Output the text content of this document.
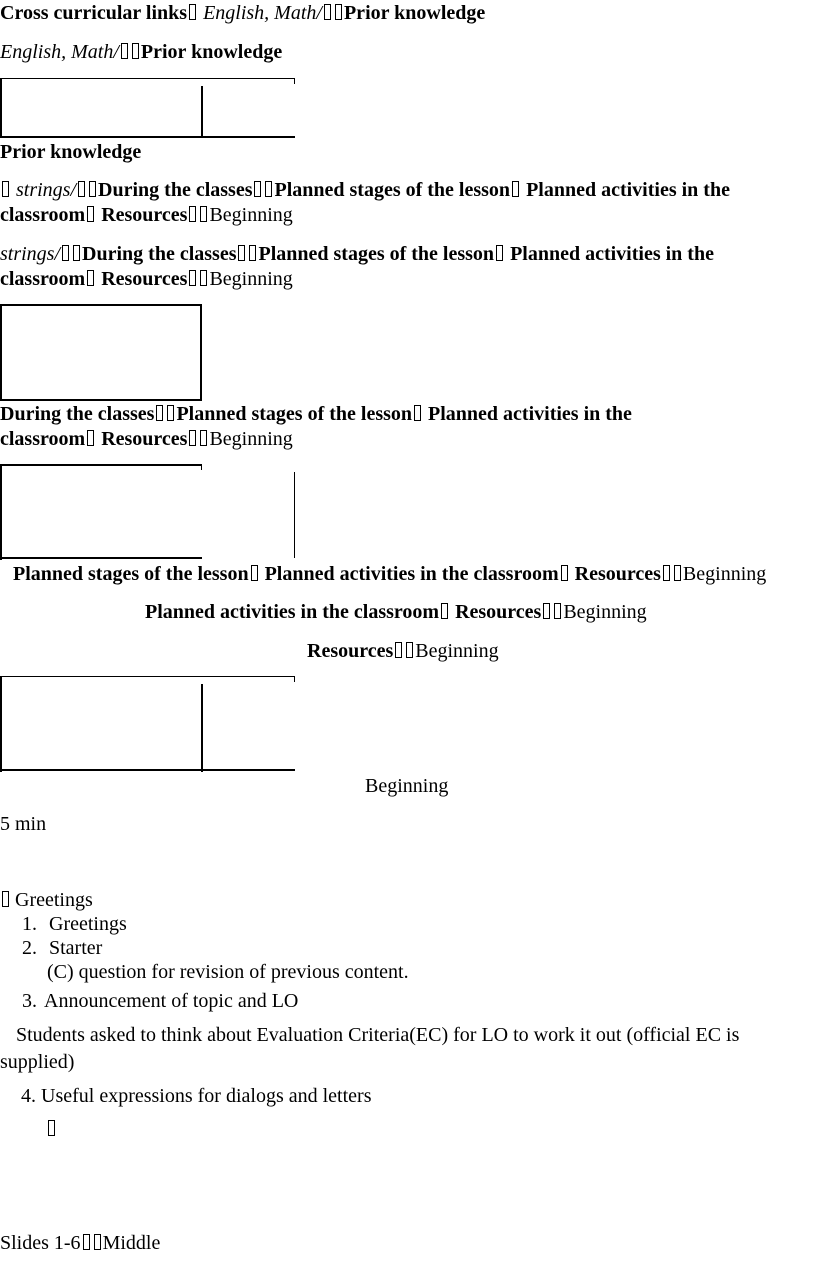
Cross curricular links English, Math/ Prior knowledge
English, Math/ Prior knowledge
Prior knowledge
strings/ During the classes Planned stages of the lesson Planned activities in the
classroom Resources Beginning
strings/ During the classes Planned stages of the lesson Planned activities in the
classroom Resources Beginning
During the classes Planned stages of the lesson Planned activities in the
classroom Resources Beginning
Planned stages of the lesson Planned activities in the classroom Resources Beginning
Planned activities in the classroom Resources Beginning
Resources Beginning
Beginning
5 min
Greetings
1. Greetings
2. Starter
(C) question for revision of previous content.
3. Announcement of topic and LO
Students asked to think about Evaluation Criteria(EC) for LO to work it out (official EC is
supplied)
4. Useful expressions for dialogs and letters
Slides 1-6 Middle
